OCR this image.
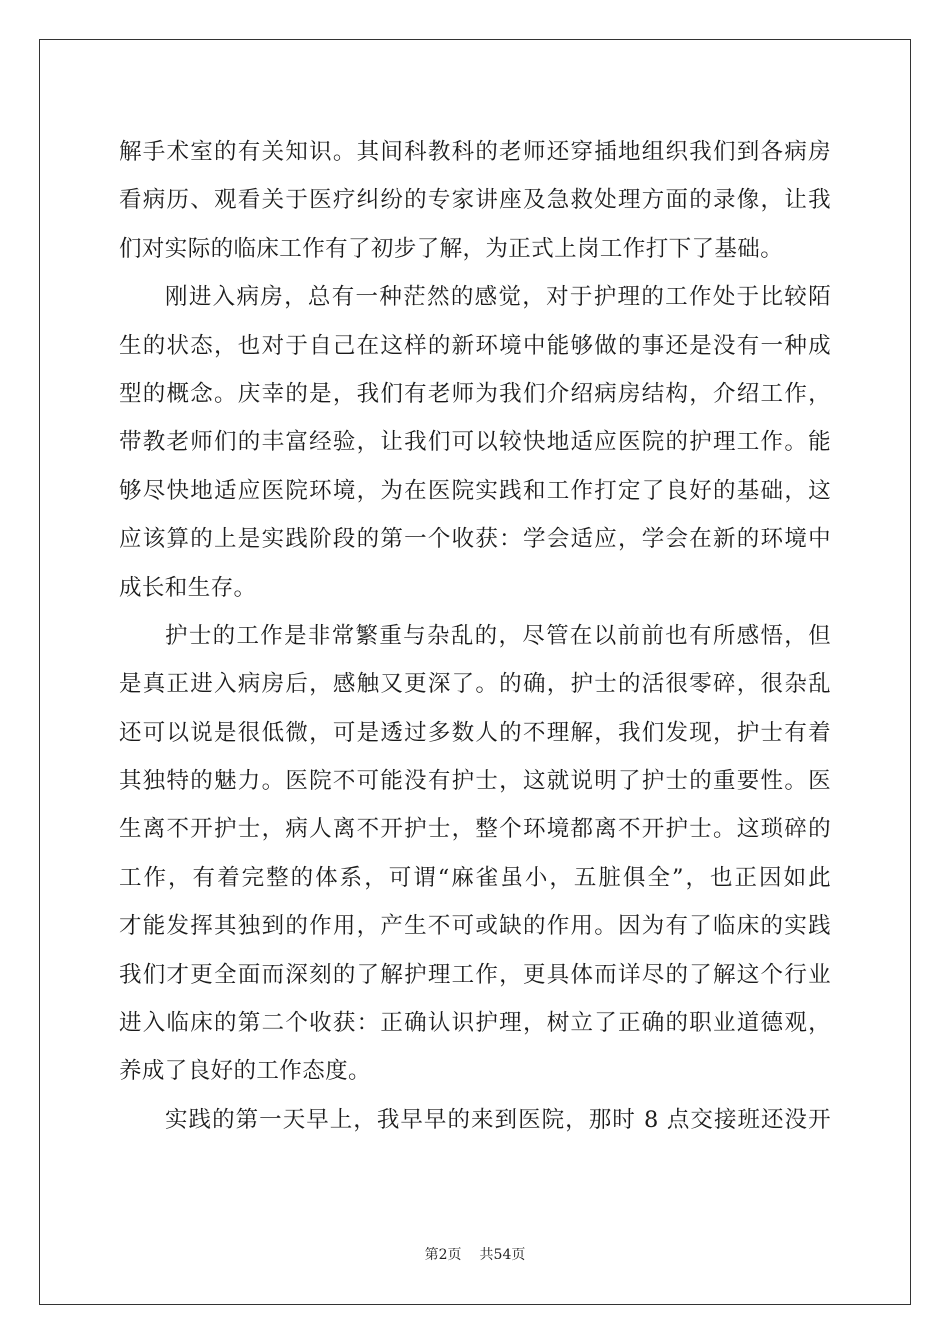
解手术室的有关知识。其间科教科的老师还穿插地组织我们到各病房
看病历、观看关于医疗纠纷的专家讲座及急救处理方面的录像，让我
们对实际的临床工作有了初步了解，为正式上岗工作打下了基础。
刚进入病房，总有一种茫然的感觉，对于护理的工作处于比较陌
生的状态，也对于自己在这样的新环境中能够做的事还是没有一种成
型的概念。庆幸的是，我们有老师为我们介绍病房结构，介绍工作，
带教老师们的丰富经验，让我们可以较快地适应医院的护理工作。能
够尽快地适应医院环境，为在医院实践和工作打定了良好的基础，这
应该算的上是实践阶段的第一个收获：学会适应，学会在新的环境中
成长和生存。
护士的工作是非常繁重与杂乱的，尽管在以前前也有所感悟，但
是真正进入病房后，感触又更深了。的确，护士的活很零碎，很杂乱
还可以说是很低微，可是透过多数人的不理解，我们发现，护士有着
其独特的魅力。医院不可能没有护士，这就说明了护士的重要性。医
生离不开护士，病人离不开护士，整个环境都离不开护士。这琐碎的
工作，有着完整的体系，可谓“麻雀虽小，五脏俱全”，也正因如此
才能发挥其独到的作用，产生不可或缺的作用。因为有了临床的实践
我们才更全面而深刻的了解护理工作，更具体而详尽的了解这个行业
进入临床的第二个收获：正确认识护理，树立了正确的职业道德观，
养成了良好的工作态度。
实践的第一天早上，我早早的来到医院，那时 8 点交接班还没开
第2页 共54页
